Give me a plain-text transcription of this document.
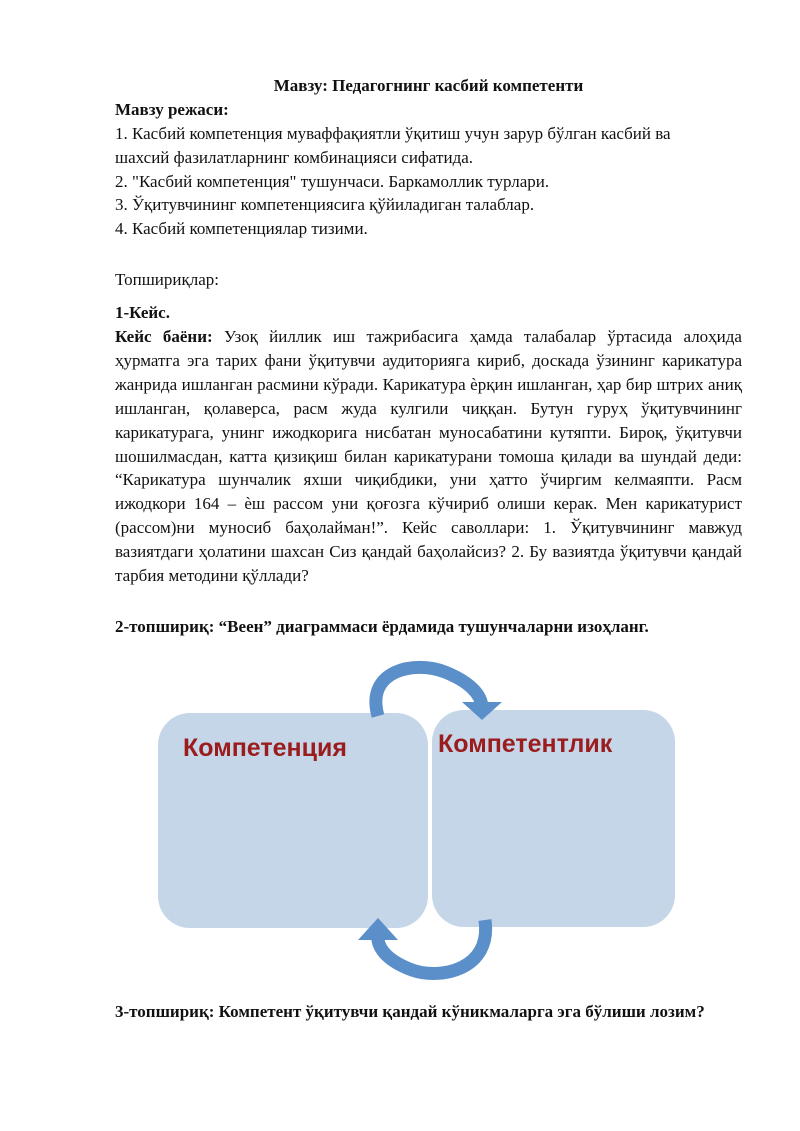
Мавзу: Педагогнинг касбий компетенти
Мавзу режаси:
1. Касбий компетенция муваффақиятли ўқитиш учун зарур бўлган касбий ва
шахсий фазилатларнинг комбинацияси сифатида.
2. "Касбий компетенция" тушунчаси. Баркамоллик турлари.
3. Ўқитувчининг компетенциясига қўйиладиган талаблар.
4. Касбий компетенциялар тизими.
Топшириқлар:
1-Кейс.

Кейс баёни: Узоқ йиллик иш тажрибасига ҳамда талабалар ўртасида алоҳида ҳурматга эга тарих фани ўқитувчи аудиторияга кириб, доскада ўзининг карикатура жанрида ишланган расмини кўради. Карикатура ѐрқин ишланган, ҳар бир штрих аниқ ишланган, қолаверса, расм жуда кулгили чиққан. Бутун гуруҳ ўқитувчининг карикатурага, унинг ижодкорига нисбатан муносабатини кутяпти. Бироқ, ўқитувчи шошилмасдан, катта қизиқиш билан карикатурани томоша қилади ва шундай деди: “Карикатура шунчалик яхши чиқибдики, уни ҳатто ўчиргим келмаяпти. Расм ижодкори 164 – ѐш рассом уни қоғозга кўчириб олиши керак. Мен карикатурист (рассом)ни муносиб баҳолайман!”. Кейс саволлари: 1. Ўқитувчининг мавжуд вазиятдаги ҳолатини шахсан Сиз қандай баҳолайсиз? 2. Бу вазиятда ўқитувчи қандай тарбия методини қўллади?

2-топшириқ: “Веен” диаграммаси ёрдамида тушунчаларни изоҳланг.
3-топшириқ: Компетент ўқитувчи қандай кўникмаларга эга бўлиши лозим?
Компетенция	Компетентлик
